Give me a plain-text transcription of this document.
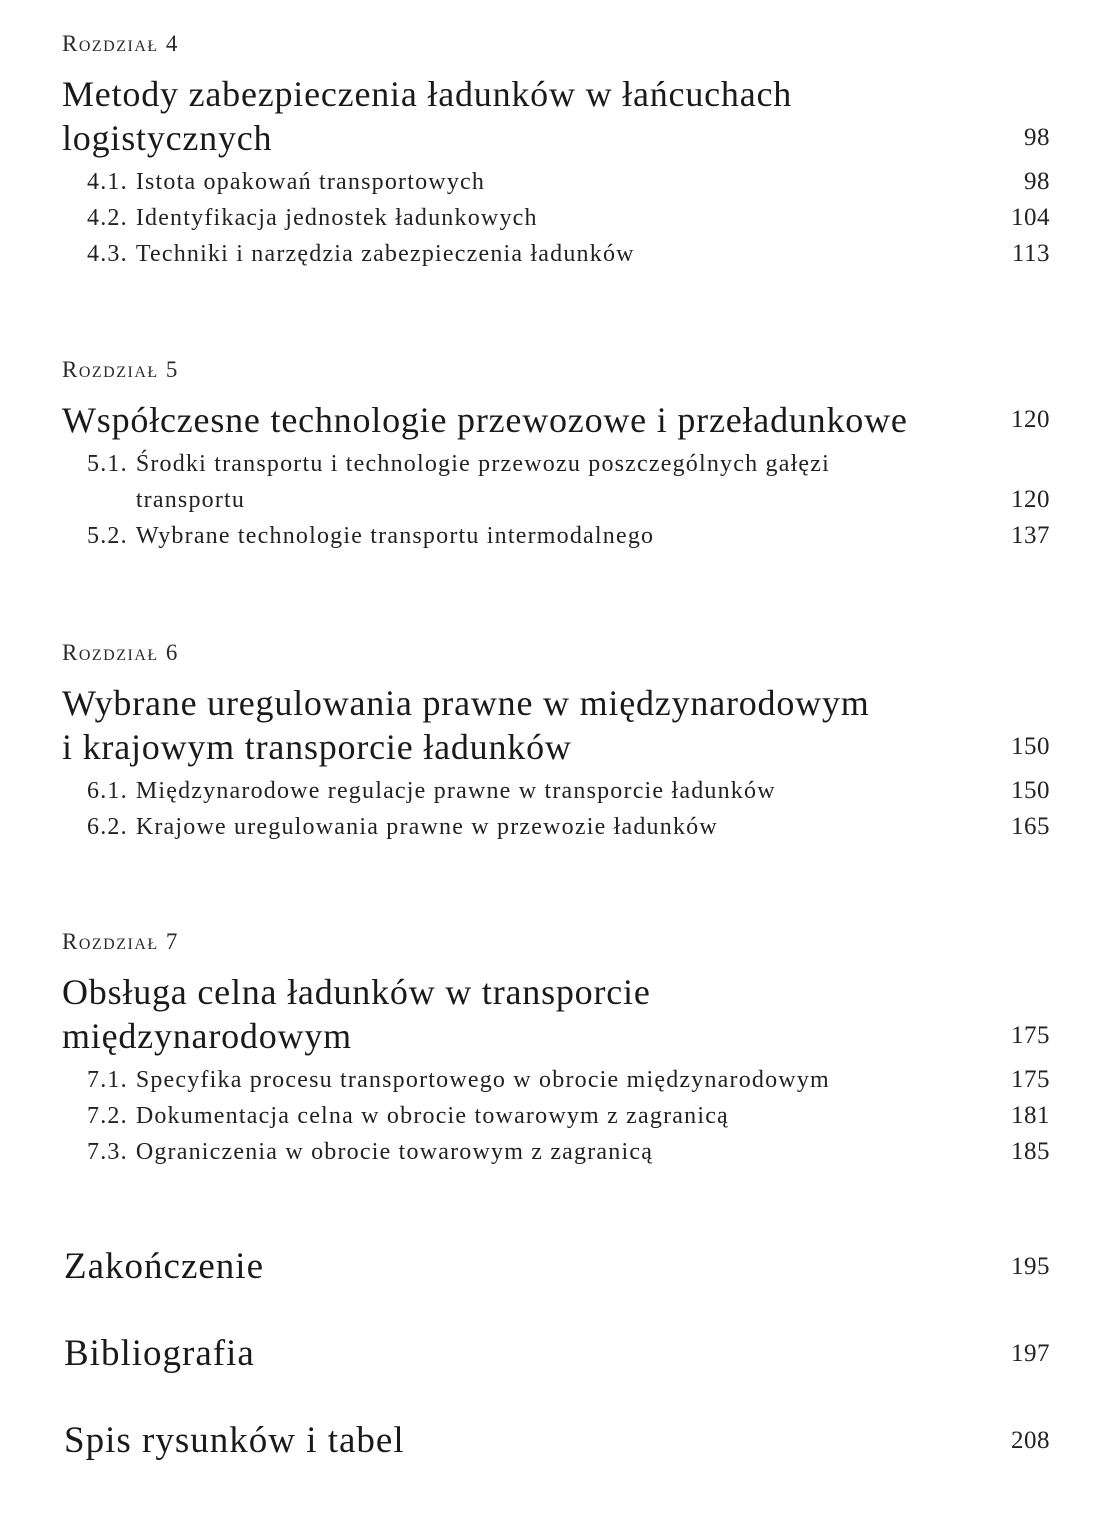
Rozdział 4
Metody zabezpieczenia ładunków w łańcuchach
logistycznych	98
4.1. Istota opakowań transportowych	98
4.2. Identyfikacja jednostek ładunkowych	104
4.3. Techniki i narzędzia zabezpieczenia ładunków	113
Rozdział 5
Współczesne technologie przewozowe i przeładunkowe	120
5.1. Środki transportu i technologie przewozu poszczególnych gałęzi
transportu	120
5.2. Wybrane technologie transportu intermodalnego	137
Rozdział 6
Wybrane uregulowania prawne w międzynarodowym
i krajowym transporcie ładunków	150
6.1. Międzynarodowe regulacje prawne w transporcie ładunków	150
6.2. Krajowe uregulowania prawne w przewozie ładunków	165
Rozdział 7
Obsługa celna ładunków w transporcie
międzynarodowym	175
7.1. Specyfika procesu transportowego w obrocie międzynarodowym	175
7.2. Dokumentacja celna w obrocie towarowym z zagranicą	181
7.3. Ograniczenia w obrocie towarowym z zagranicą	185
Zakończenie	195
Bibliografia	197
Spis rysunków i tabel	208
